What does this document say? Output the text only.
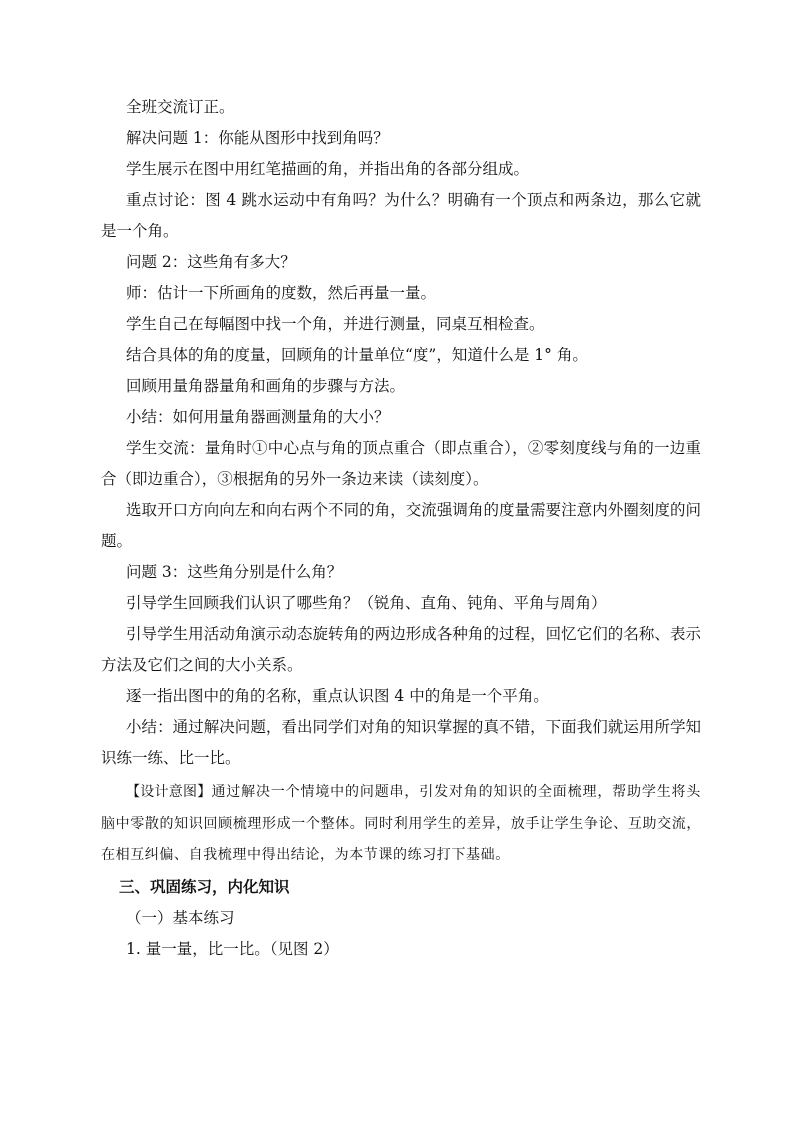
全班交流订正。

解决问题 1：你能从图形中找到角吗？

学生展示在图中用红笔描画的角，并指出角的各部分组成。

重点讨论：图 4 跳水运动中有角吗？为什么？明确有一个顶点和两条边，那么它就是一个角。

问题 2：这些角有多大？

师：估计一下所画角的度数，然后再量一量。

学生自己在每幅图中找一个角，并进行测量，同桌互相检查。

结合具体的角的度量，回顾角的计量单位“度”，知道什么是 1° 角。

回顾用量角器量角和画角的步骤与方法。

小结：如何用量角器画测量角的大小？

学生交流：量角时①中心点与角的顶点重合（即点重合），②零刻度线与角的一边重合（即边重合），③根据角的另外一条边来读（读刻度）。

选取开口方向向左和向右两个不同的角，交流强调角的度量需要注意内外圈刻度的问题。

问题 3：这些角分别是什么角？

引导学生回顾我们认识了哪些角？（锐角、直角、钝角、平角与周角）

引导学生用活动角演示动态旋转角的两边形成各种角的过程，回忆它们的名称、表示方法及它们之间的大小关系。

逐一指出图中的角的名称，重点认识图 4 中的角是一个平角。

小结：通过解决问题，看出同学们对角的知识掌握的真不错，下面我们就运用所学知识练一练、比一比。

【设计意图】通过解决一个情境中的问题串，引发对角的知识的全面梳理，帮助学生将头脑中零散的知识回顾梳理形成一个整体。同时利用学生的差异，放手让学生争论、互助交流，在相互纠偏、自我梳理中得出结论，为本节课的练习打下基础。

三、巩固练习，内化知识

（一）基本练习

1. 量一量，比一比。（见图 2）
